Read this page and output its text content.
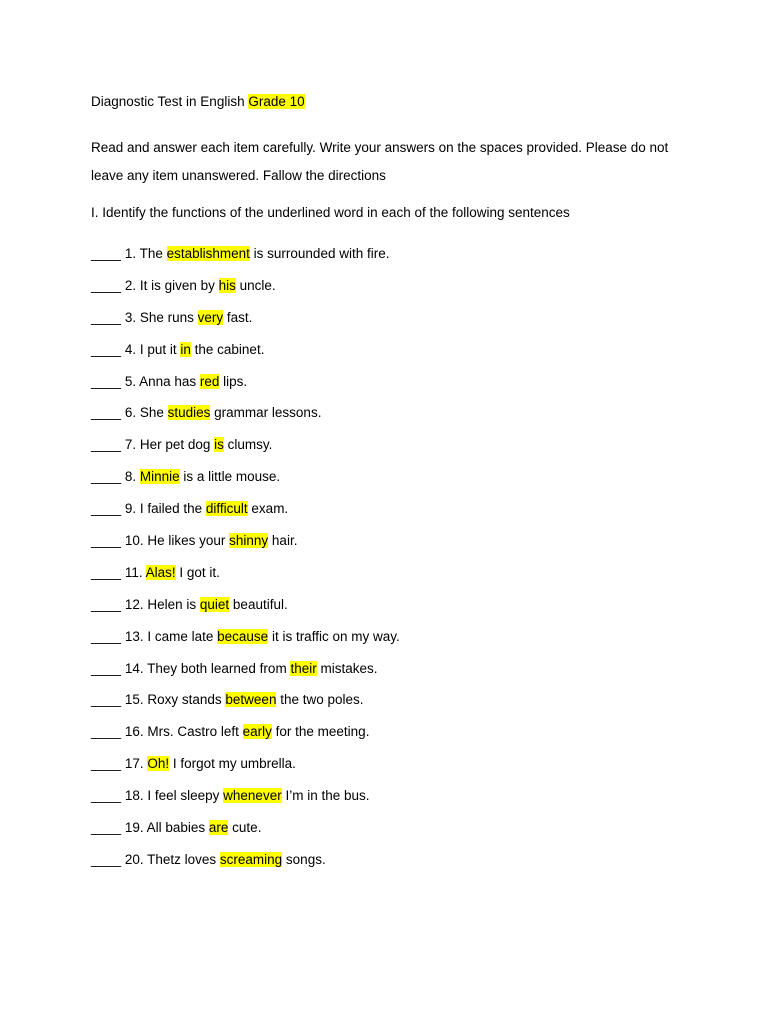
Diagnostic Test in English Grade 10

Read and answer each item carefully. Write your answers on the spaces provided. Please do not leave any item unanswered. Fallow the directions

I. Identify the functions of the underlined word in each of the following sentences

____ 1. The establishment is surrounded with fire.
____ 2. It is given by his uncle.
____ 3. She runs very fast.
____ 4. I put it in the cabinet.
____ 5. Anna has red lips.
____ 6. She studies grammar lessons.
____ 7. Her pet dog is clumsy.
____ 8. Minnie is a little mouse.
____ 9. I failed the difficult exam.
____ 10. He likes your shinny hair.
____ 11. Alas! I got it.
____ 12. Helen is quiet beautiful.
____ 13. I came late because it is traffic on my way.
____ 14. They both learned from their mistakes.
____ 15. Roxy stands between the two poles.
____ 16. Mrs. Castro left early for the meeting.
____ 17. Oh! I forgot my umbrella.
____ 18. I feel sleepy whenever I’m in the bus.
____ 19. All babies are cute.
____ 20. Thetz loves screaming songs.
